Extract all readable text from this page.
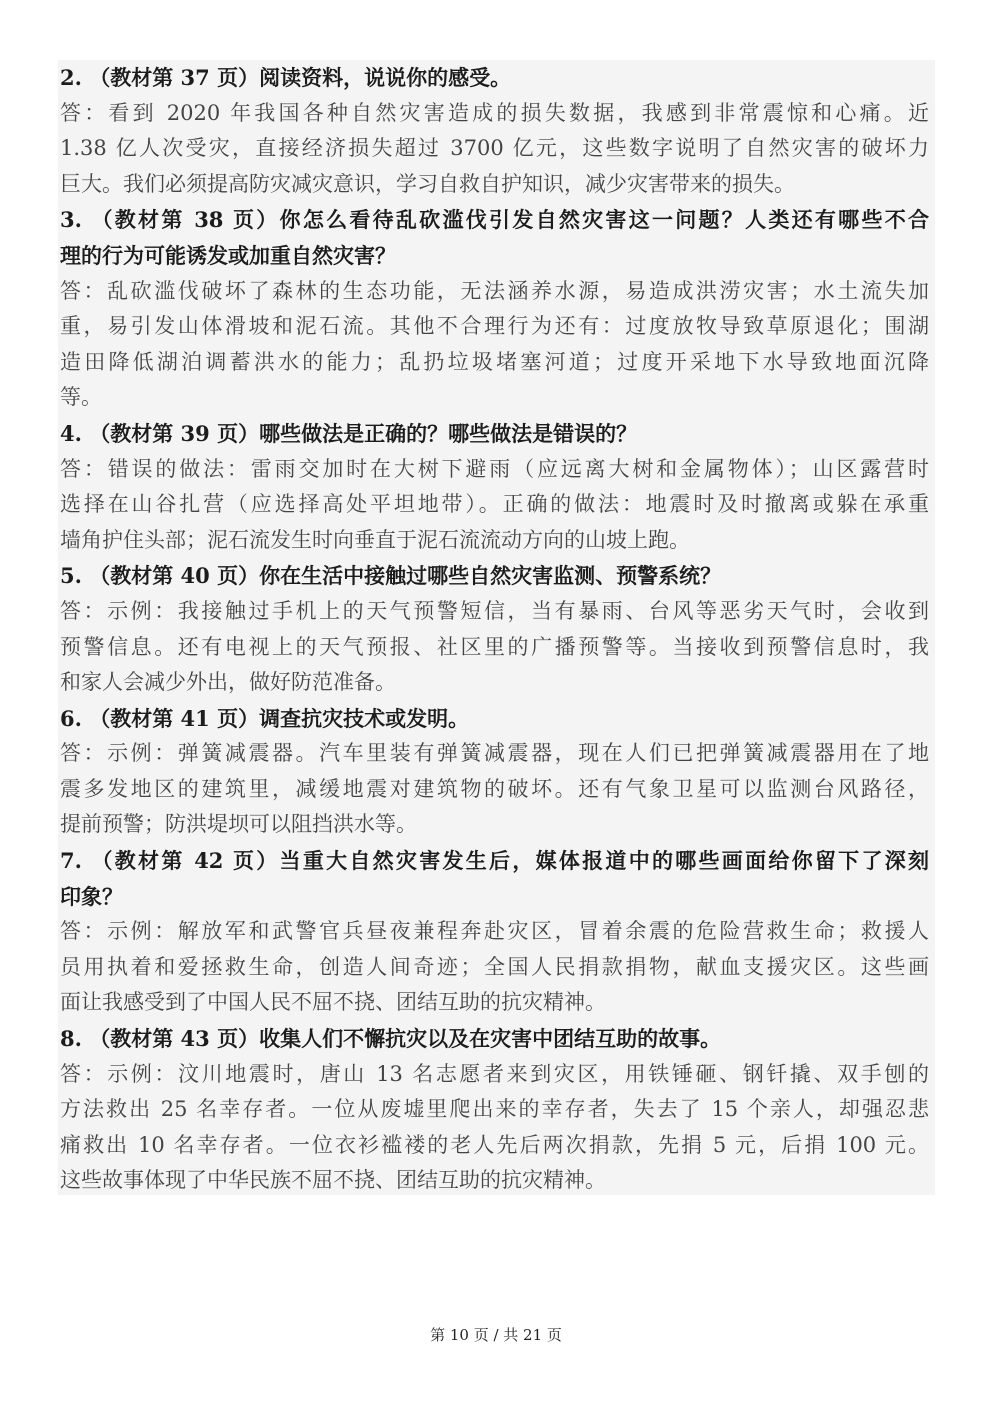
2. （教材第 37 页）阅读资料，说说你的感受。
答：看到 2020 年我国各种自然灾害造成的损失数据，我感到非常震惊和心痛。近
1.38 亿人次受灾，直接经济损失超过 3700 亿元，这些数字说明了自然灾害的破坏力
巨大。我们必须提高防灾减灾意识，学习自救自护知识，减少灾害带来的损失。
3. （教材第 38 页）你怎么看待乱砍滥伐引发自然灾害这一问题？人类还有哪些不合
理的行为可能诱发或加重自然灾害？
答：乱砍滥伐破坏了森林的生态功能，无法涵养水源，易造成洪涝灾害；水土流失加
重，易引发山体滑坡和泥石流。其他不合理行为还有：过度放牧导致草原退化；围湖
造田降低湖泊调蓄洪水的能力；乱扔垃圾堵塞河道；过度开采地下水导致地面沉降
等。
4. （教材第 39 页）哪些做法是正确的？哪些做法是错误的？
答：错误的做法：雷雨交加时在大树下避雨（应远离大树和金属物体）；山区露营时
选择在山谷扎营（应选择高处平坦地带）。正确的做法：地震时及时撤离或躲在承重
墙角护住头部；泥石流发生时向垂直于泥石流流动方向的山坡上跑。
5. （教材第 40 页）你在生活中接触过哪些自然灾害监测、预警系统？
答：示例：我接触过手机上的天气预警短信，当有暴雨、台风等恶劣天气时，会收到
预警信息。还有电视上的天气预报、社区里的广播预警等。当接收到预警信息时，我
和家人会减少外出，做好防范准备。
6. （教材第 41 页）调查抗灾技术或发明。
答：示例：弹簧减震器。汽车里装有弹簧减震器，现在人们已把弹簧减震器用在了地
震多发地区的建筑里，减缓地震对建筑物的破坏。还有气象卫星可以监测台风路径，
提前预警；防洪堤坝可以阻挡洪水等。
7. （教材第 42 页）当重大自然灾害发生后，媒体报道中的哪些画面给你留下了深刻
印象？
答：示例：解放军和武警官兵昼夜兼程奔赴灾区，冒着余震的危险营救生命；救援人
员用执着和爱拯救生命，创造人间奇迹；全国人民捐款捐物，献血支援灾区。这些画
面让我感受到了中国人民不屈不挠、团结互助的抗灾精神。
8. （教材第 43 页）收集人们不懈抗灾以及在灾害中团结互助的故事。
答：示例：汶川地震时，唐山 13 名志愿者来到灾区，用铁锤砸、钢钎撬、双手刨的
方法救出 25 名幸存者。一位从废墟里爬出来的幸存者，失去了 15 个亲人，却强忍悲
痛救出 10 名幸存者。一位衣衫褴褛的老人先后两次捐款，先捐 5 元，后捐 100 元。
这些故事体现了中华民族不屈不挠、团结互助的抗灾精神。
第 10 页 / 共 21 页
